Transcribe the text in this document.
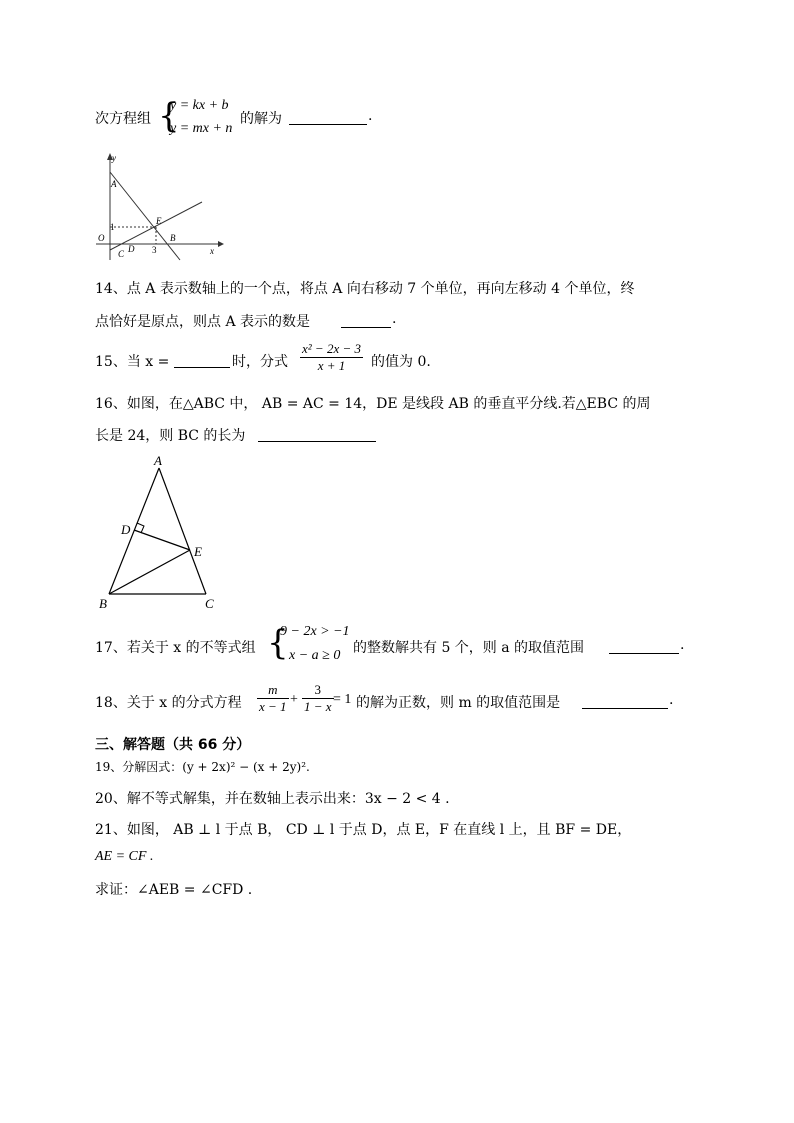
次方程组 {
y = kx + b
y = mx + n
的解为	.
y
A
1
E
B
O
C D 3	x
14、点 A 表示数轴上的一个点，将点 A 向右移动 7 个单位，再向左移动 4 个单位，终
点恰好是原点，则点 A 表示的数是	.
15、当 x =	时，分式 $\frac{\text{x² − 2x − 3}}{x + 1}$ 的值为 0.
16、如图，在△ABC 中， AB = AC = 14，DE 是线段 AB 的垂直平分线.若△EBC 的周
长是 24，则 BC 的长为
A
D
E
B	C
17、若关于 x 的不等式组 {
9 − 2x > −1
x − a ≥ 0 的整数解共有 5 个，则 a 的取值范围	.
18、关于 x 的分式方程 $\frac{m}{x - 1} + \frac{3}{1 - x} = 1$ 的解为正数，则 m 的取值范围是	.
三、解答题（共 66 分）
19、分解因式：(y + 2x)² − (x + 2y)².
20、解不等式解集，并在数轴上表示出来：3x − 2 < 4 .
21、如图， AB ⊥ l 于点 B， CD ⊥ l 于点 D，点 E，F 在直线 l 上，且 BF = DE，
AE = CF .
求证：∠AEB = ∠CFD .
